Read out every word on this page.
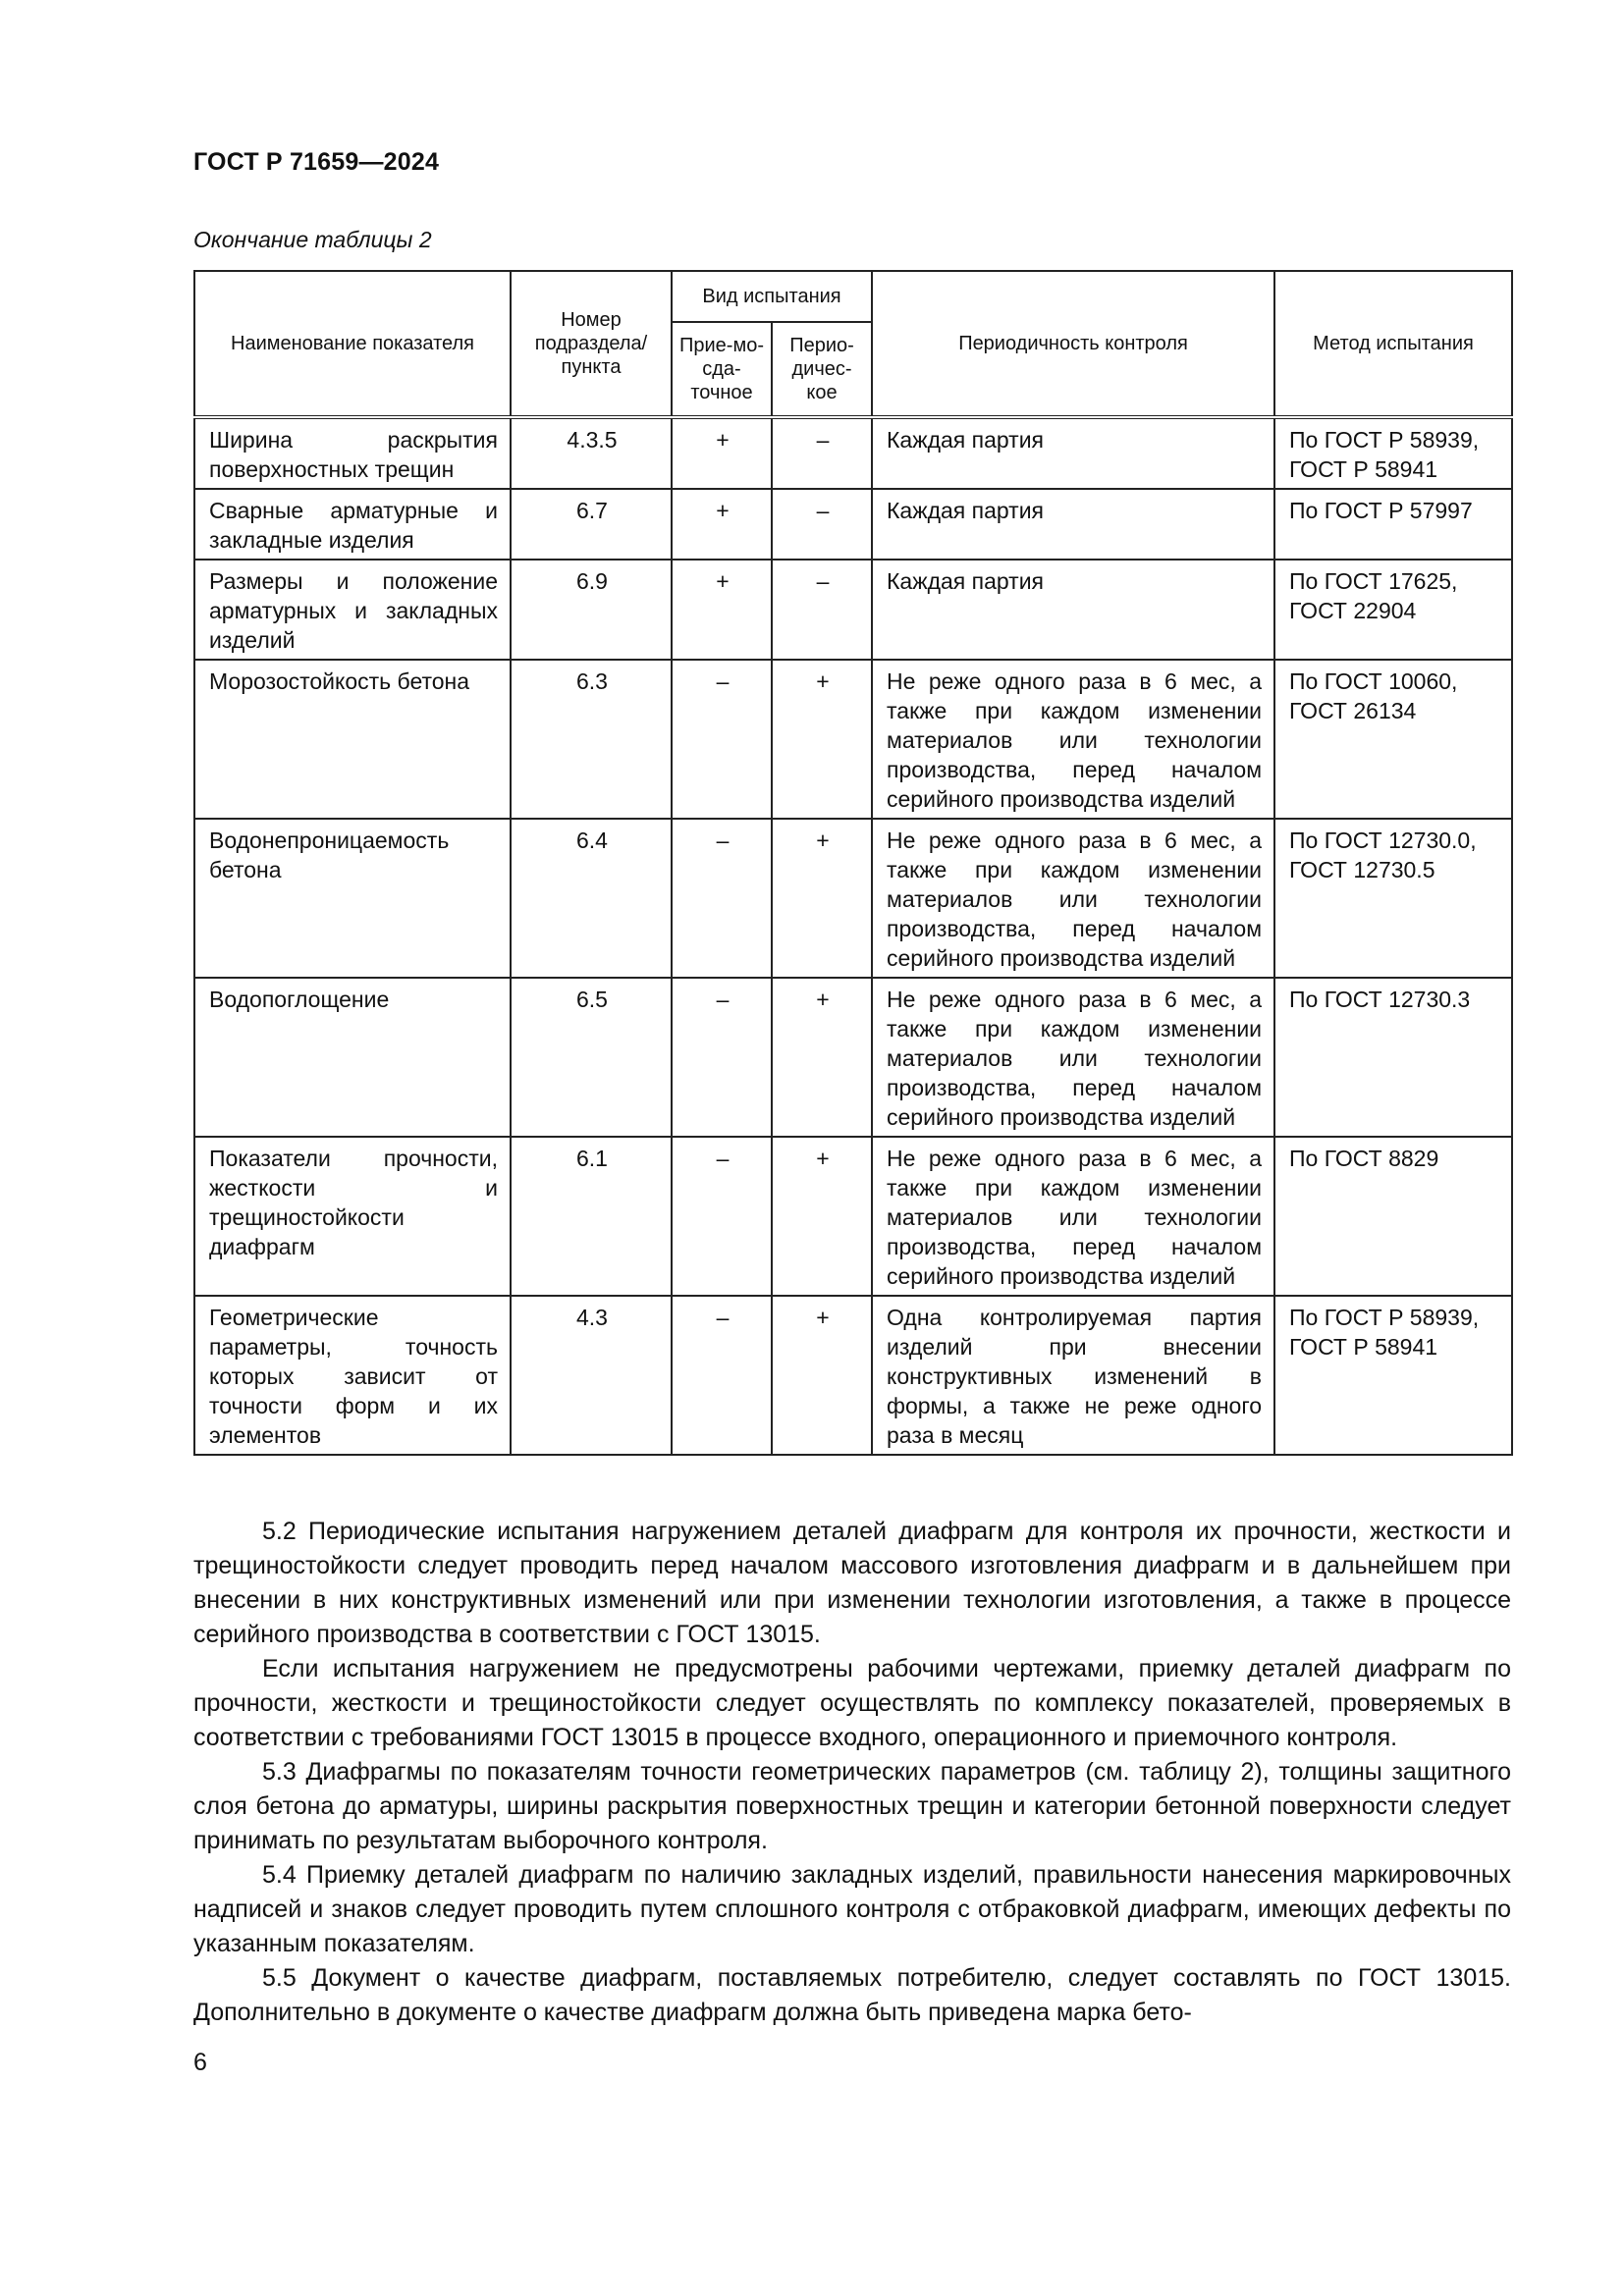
ГОСТ Р 71659—2024
Окончание таблицы 2
Наименование показателя	Номер подраздела/ пункта	Вид испытания		Периодичность контроля	Метод испытания
		Прие-мо-сда-точное	Перио-дичес-кое		
Ширина раскрытия поверхностных трещин	4.3.5	+	–	Каждая партия	По ГОСТ Р 58939, ГОСТ Р 58941
Сварные арматурные и закладные изделия	6.7	+	–	Каждая партия	По ГОСТ Р 57997
Размеры и положение арматурных и закладных изделий	6.9	+	–	Каждая партия	По ГОСТ 17625, ГОСТ 22904
Морозостойкость бетона	6.3	–	+	Не реже одного раза в 6 мес, а также при каждом изменении материалов или технологии производства, перед началом серийного производства изделий	По ГОСТ 10060, ГОСТ 26134
Водонепроницаемость бетона	6.4	–	+	Не реже одного раза в 6 мес, а также при каждом изменении материалов или технологии производства, перед началом серийного производства изделий	По ГОСТ 12730.0, ГОСТ 12730.5
Водопоглощение	6.5	–	+	Не реже одного раза в 6 мес, а также при каждом изменении материалов или технологии производства, перед началом серийного производства изделий	По ГОСТ 12730.3
Показатели прочности, жесткости и трещиностойкости диафрагм	6.1	–	+	Не реже одного раза в 6 мес, а также при каждом изменении материалов или технологии производства, перед началом серийного производства изделий	По ГОСТ 8829
Геометрические параметры, точность которых зависит от точности форм и их элементов	4.3	–	+	Одна контролируемая партия изделий при внесении конструктивных изменений в формы, а также не реже одного раза в месяц	По ГОСТ Р 58939, ГОСТ Р 58941

5.2 Периодические испытания нагружением деталей диафрагм для контроля их прочности, жесткости и трещиностойкости следует проводить перед началом массового изготовления диафрагм и в дальнейшем при внесении в них конструктивных изменений или при изменении технологии изготовления, а также в процессе серийного производства в соответствии с ГОСТ 13015.

Если испытания нагружением не предусмотрены рабочими чертежами, приемку деталей диафрагм по прочности, жесткости и трещиностойкости следует осуществлять по комплексу показателей, проверяемых в соответствии с требованиями ГОСТ 13015 в процессе входного, операционного и приемочного контроля.

5.3 Диафрагмы по показателям точности геометрических параметров (см. таблицу 2), толщины защитного слоя бетона до арматуры, ширины раскрытия поверхностных трещин и категории бетонной поверхности следует принимать по результатам выборочного контроля.

5.4 Приемку деталей диафрагм по наличию закладных изделий, правильности нанесения маркировочных надписей и знаков следует проводить путем сплошного контроля с отбраковкой диафрагм, имеющих дефекты по указанным показателям.

5.5 Документ о качестве диафрагм, поставляемых потребителю, следует составлять по ГОСТ 13015. Дополнительно в документе о качестве диафрагм должна быть приведена марка бето-

6
